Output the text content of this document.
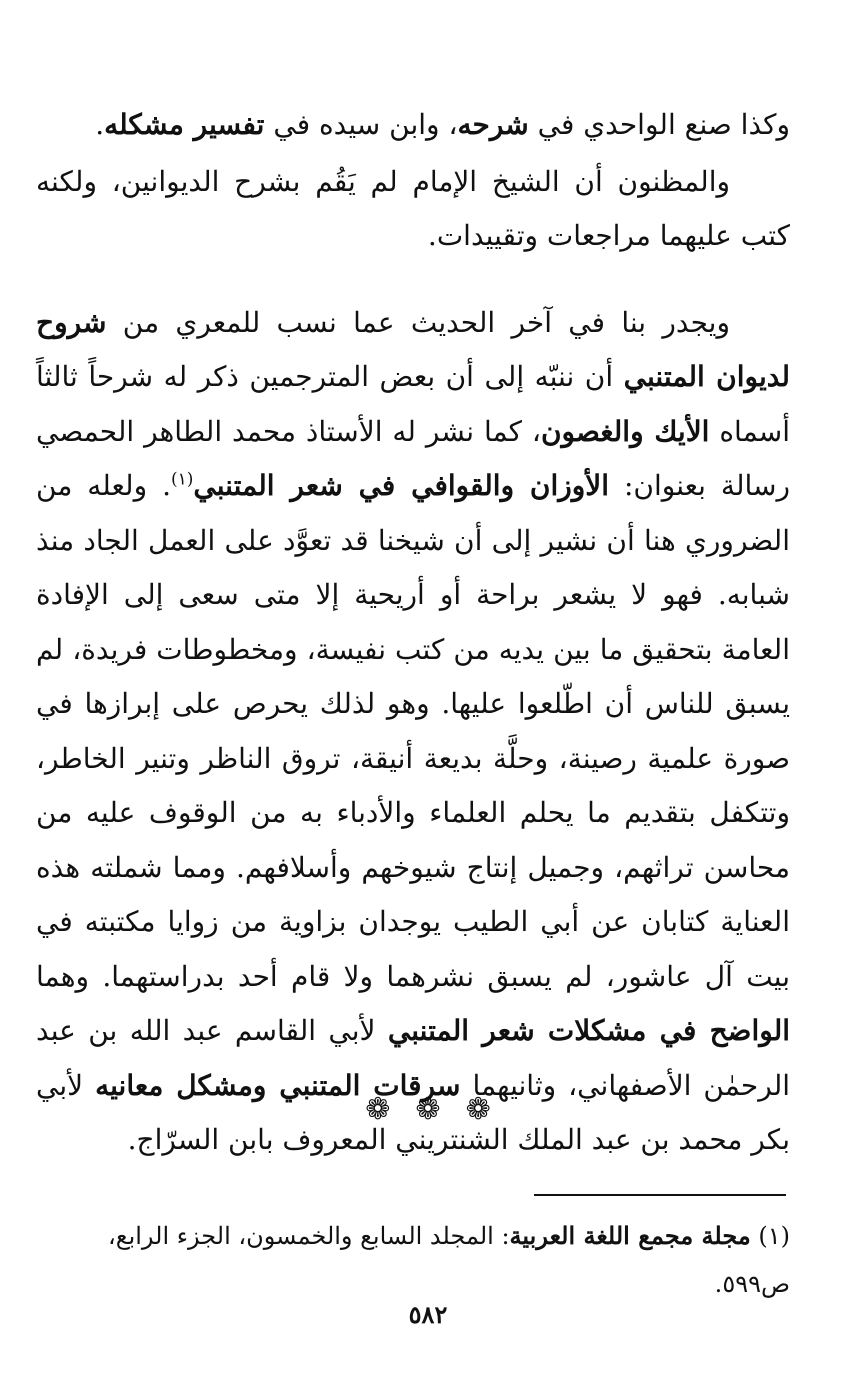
وكذا صنع الواحدي في شرحه، وابن سيده في تفسير مشكله.

والمظنون أن الشيخ الإمام لم يَقُم بشرح الديوانين، ولكنه كتب عليهما مراجعات وتقييدات.

ويجدر بنا في آخر الحديث عما نسب للمعري من شروح لديوان المتنبي أن ننبّه إلى أن بعض المترجمين ذكر له شرحاً ثالثاً أسماه الأيك والغصون، كما نشر له الأستاذ محمد الطاهر الحمصي رسالة بعنوان: الأوزان والقوافي في شعر المتنبي$^{(١)}$. ولعله من الضروري هنا أن نشير إلى أن شيخنا قد تعوَّد على العمل الجاد منذ شبابه. فهو لا يشعر براحة أو أريحية إلا متى سعى إلى الإفادة العامة بتحقيق ما بين يديه من كتب نفيسة، ومخطوطات فريدة، لم يسبق للناس أن اطّلعوا عليها. وهو لذلك يحرص على إبرازها في صورة علمية رصينة، وحلَّة بديعة أنيقة، تروق الناظر وتنير الخاطر، وتتكفل بتقديم ما يحلم العلماء والأدباء به من الوقوف عليه من محاسن تراثهم، وجميل إنتاج شيوخهم وأسلافهم. ومما شملته هذه العناية كتابان عن أبي الطيب يوجدان بزاوية من زوايا مكتبته في بيت آل عاشور، لم يسبق نشرهما ولا قام أحد بدراستهما. وهما الواضح في مشكلات شعر المتنبي لأبي القاسم عبد الله بن عبد الرحمٰن الأصفهاني، وثانيهما سرقات المتنبي ومشكل معانيه لأبي بكر محمد بن عبد الملك الشنتريني المعروف بابن السرّاج.

❁ ❁ ❁
(١) مجلة مجمع اللغة العربية: المجلد السابع والخمسون، الجزء الرابع، ص٥٩٩.
٥٨٢
